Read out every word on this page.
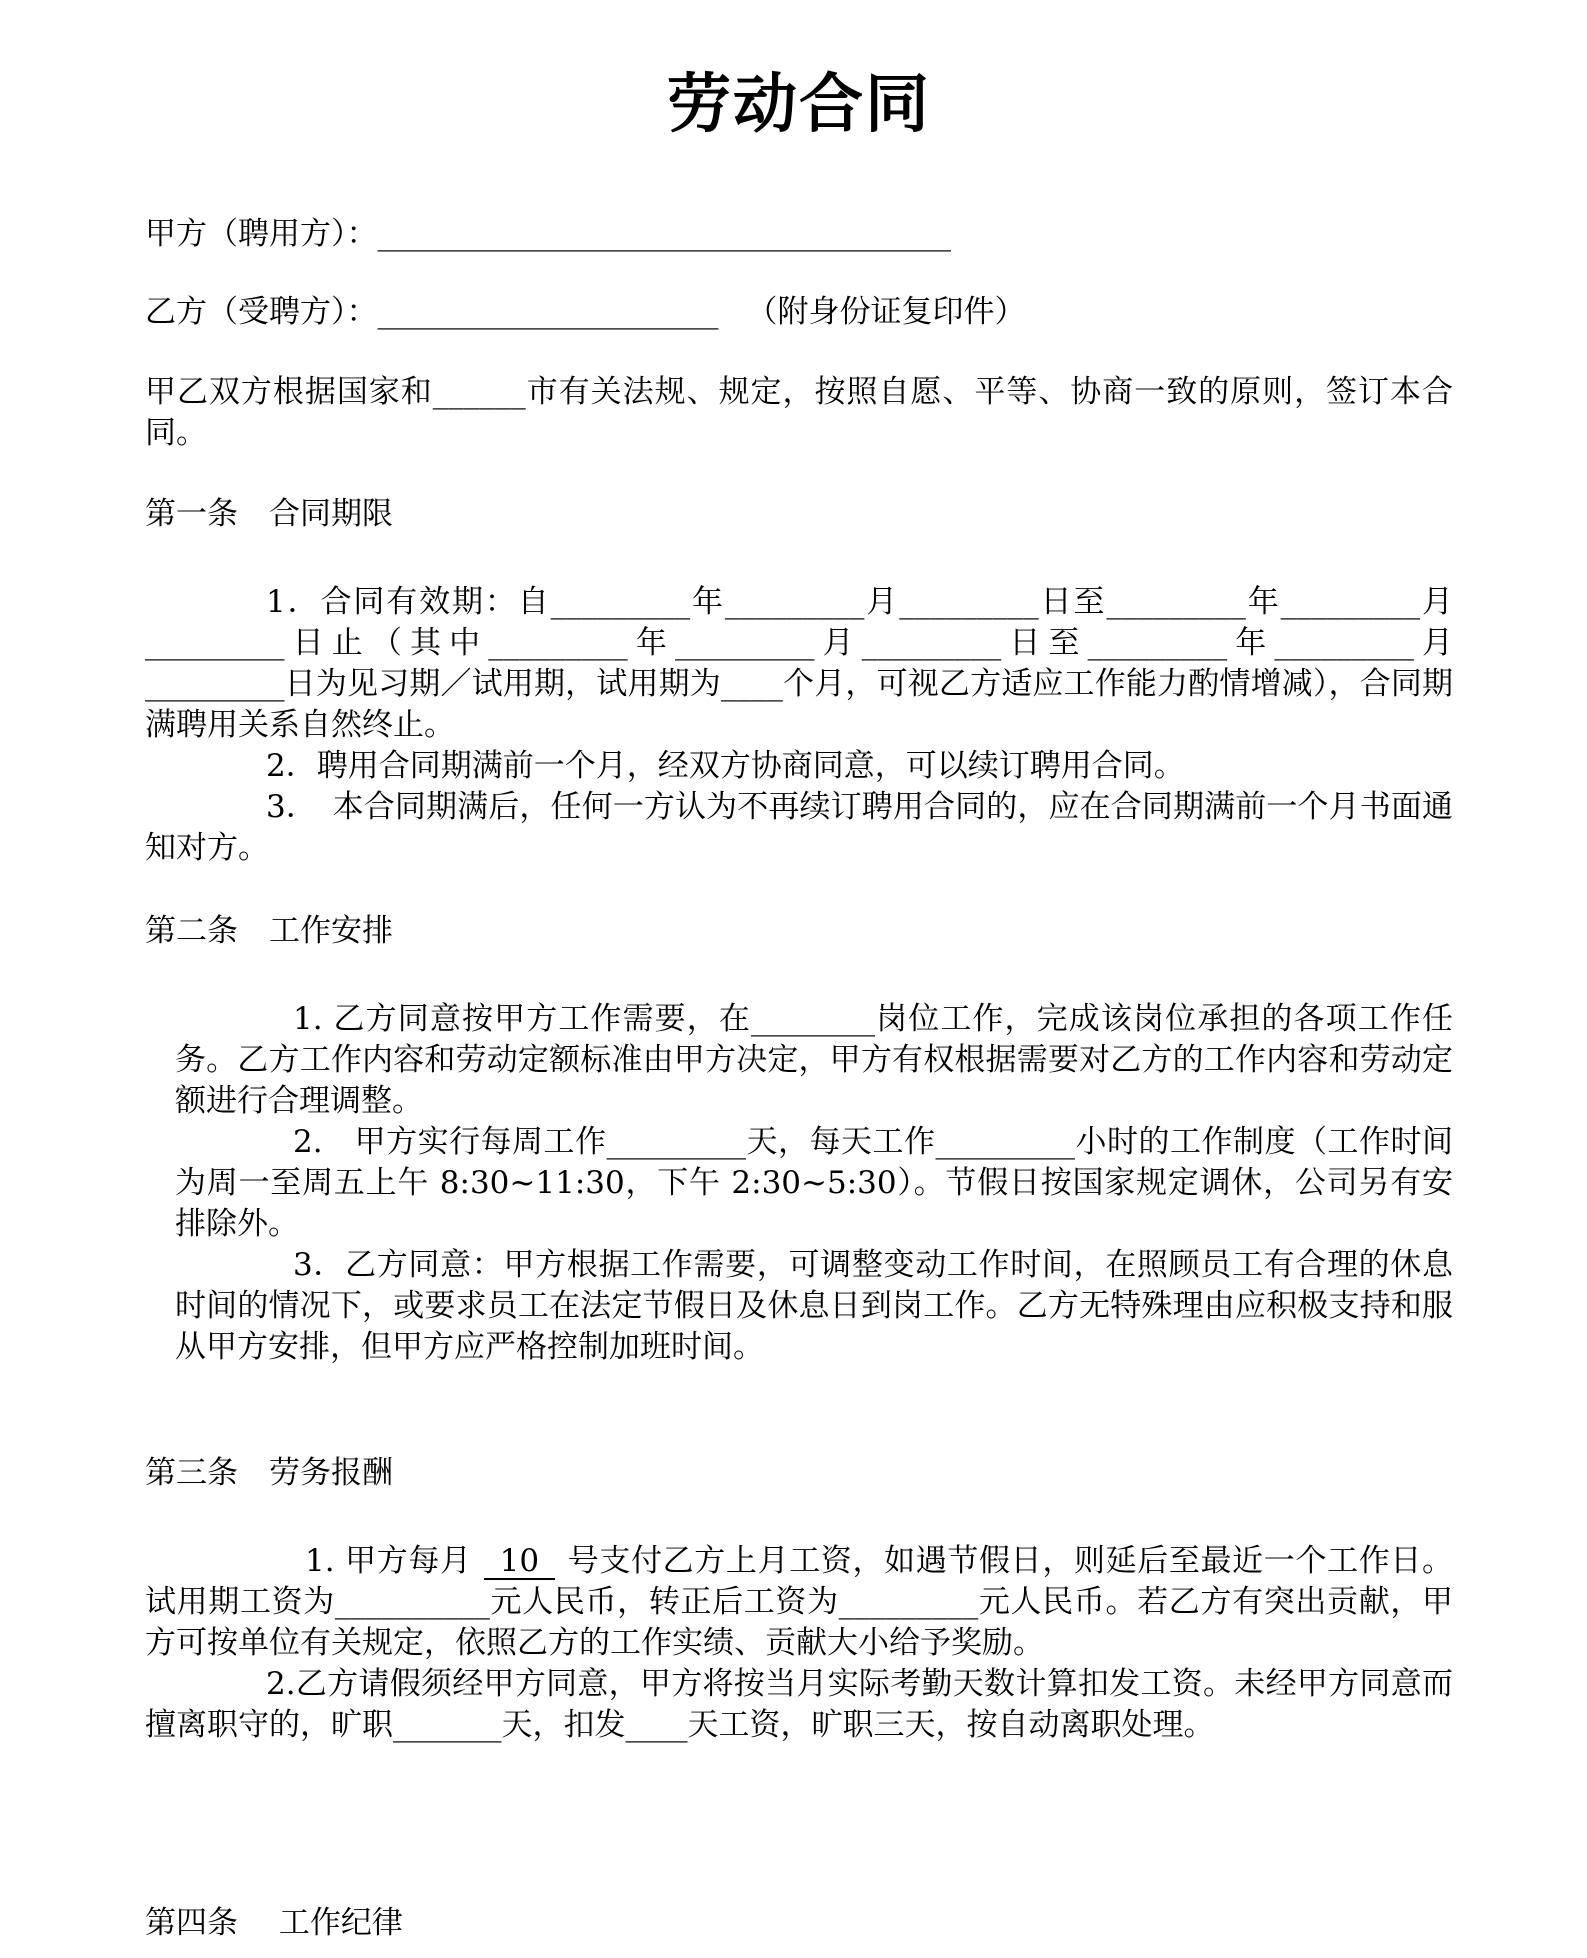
劳动合同

甲方（聘用方）：_____________________________________

乙方（受聘方）：______________________ （附身份证复印件）

甲乙双方根据国家和______市有关法规、规定，按照自愿、平等、协商一致的原则，签订本合同。

第一条　合同期限

1．合同有效期：自_________年_________月_________日至_________年_________月_________日止（其中_________年_________月_________日至_________年_________月_________日为见习期／试用期，试用期为____个月，可视乙方适应工作能力酌情增减），合同期满聘用关系自然终止。

2．聘用合同期满前一个月，经双方协商同意，可以续订聘用合同。

3．　本合同期满后，任何一方认为不再续订聘用合同的，应在合同期满前一个月书面通知对方。

第二条　工作安排

1. 乙方同意按甲方工作需要，在________岗位工作，完成该岗位承担的各项工作任务。乙方工作内容和劳动定额标准由甲方决定，甲方有权根据需要对乙方的工作内容和劳动定额进行合理调整。

2.　甲方实行每周工作_________天，每天工作_________小时的工作制度（工作时间为周一至周五上午 8:30~11:30，下午 2:30~5:30）。节假日按国家规定调休，公司另有安排除外。

3．乙方同意：甲方根据工作需要，可调整变动工作时间，在照顾员工有合理的休息时间的情况下，或要求员工在法定节假日及休息日到岗工作。乙方无特殊理由应积极支持和服从甲方安排，但甲方应严格控制加班时间。

第三条　劳务报酬

1. 甲方每月 10 号支付乙方上月工资，如遇节假日，则延后至最近一个工作日。试用期工资为__________元人民币，转正后工资为_________元人民币。若乙方有突出贡献，甲方可按单位有关规定，依照乙方的工作实绩、贡献大小给予奖励。

2.乙方请假须经甲方同意，甲方将按当月实际考勤天数计算扣发工资。未经甲方同意而擅离职守的，旷职_______天，扣发____天工资，旷职三天，按自动离职处理。

第四条　 工作纪律
